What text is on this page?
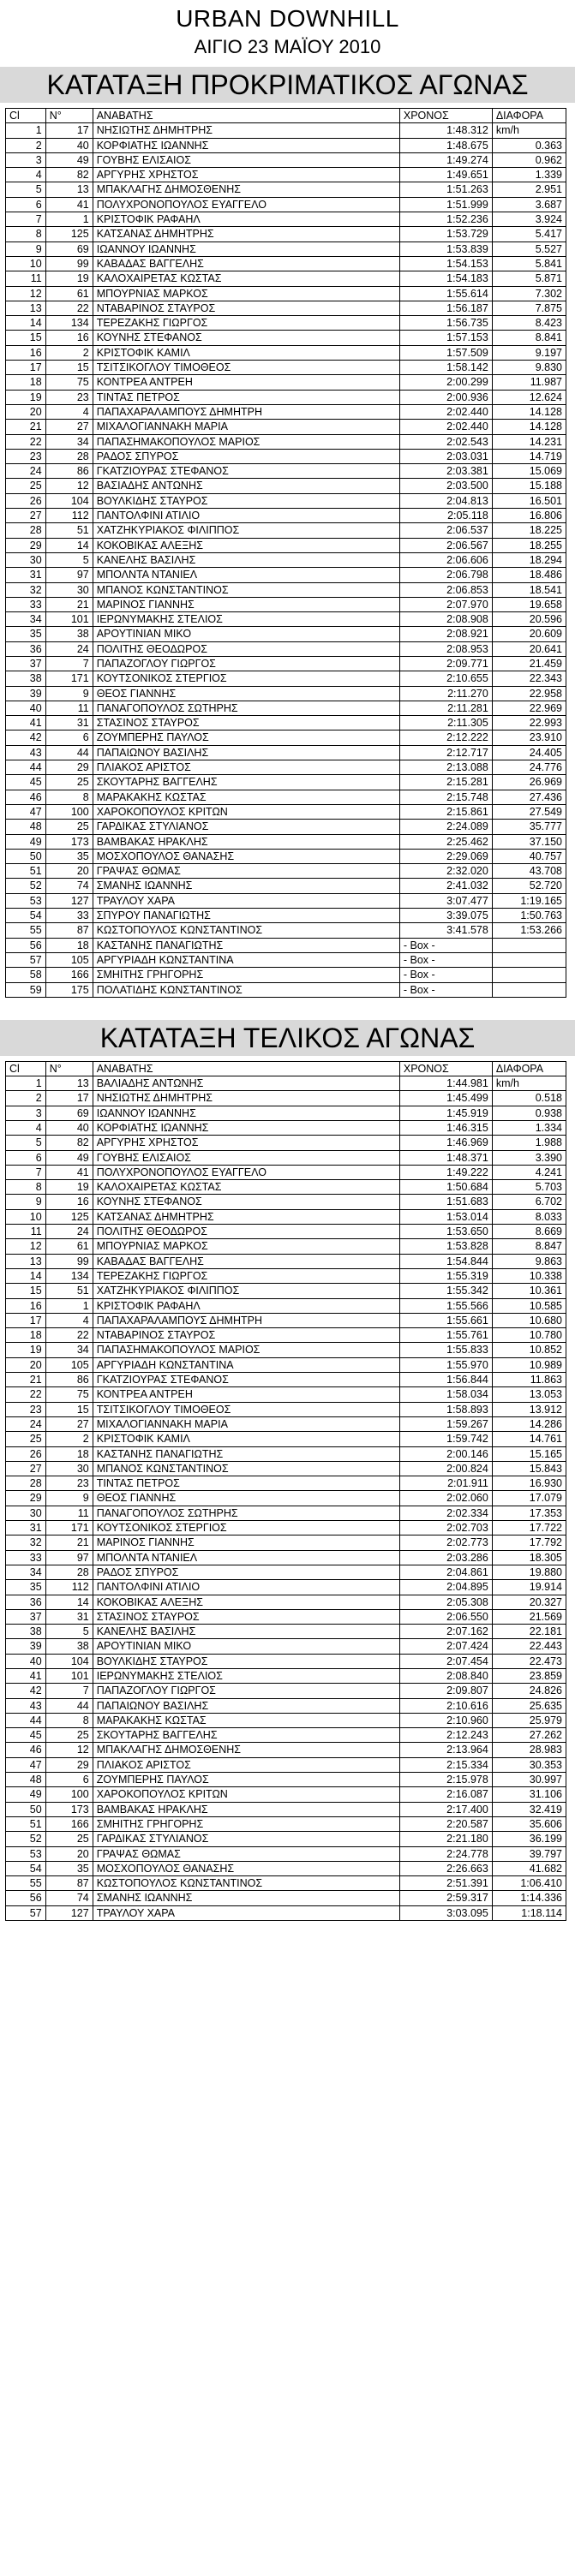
URBAN DOWNHILL
ΑΙΓΙΟ 23 ΜΑΪΟΥ 2010
ΚΑΤΑΤΑΞΗ ΠΡΟΚΡΙΜΑΤΙΚΟΣ ΑΓΩΝΑΣ
Cl	N°	ΑΝΑΒΑΤΗΣ	ΧΡΟΝΟΣ	ΔΙΑΦΟΡΑ
1	17	ΝΗΣΙΩΤΗΣ ΔΗΜΗΤΡΗΣ	1:48.312	km/h
2	40	ΚΟΡΦΙΑΤΗΣ ΙΩΑΝΝΗΣ	1:48.675	0.363
3	49	ΓΟΥΒΗΣ ΕΛΙΣΑΙΟΣ	1:49.274	0.962
4	82	ΑΡΓΥΡΗΣ ΧΡΗΣΤΟΣ	1:49.651	1.339
5	13	ΜΠΑΚΛΑΓΗΣ ΔΗΜΟΣΘΕΝΗΣ	1:51.263	2.951
6	41	ΠΟΛΥΧΡΟΝΟΠΟΥΛΟΣ ΕΥΑΓΓΕΛΟ	1:51.999	3.687
7	1	ΚΡΙΣΤΟΦΙΚ ΡΑΦΑΗΛ	1:52.236	3.924
8	125	ΚΑΤΣΑΝΑΣ ΔΗΜΗΤΡΗΣ	1:53.729	5.417
9	69	ΙΩΑΝΝΟΥ ΙΩΑΝΝΗΣ	1:53.839	5.527
10	99	ΚΑΒΑΔΑΣ ΒΑΓΓΕΛΗΣ	1:54.153	5.841
11	19	ΚΑΛΟΧΑΙΡΕΤΑΣ ΚΩΣΤΑΣ	1:54.183	5.871
12	61	ΜΠΟΥΡΝΙΑΣ ΜΑΡΚΟΣ	1:55.614	7.302
13	22	ΝΤΑΒΑΡΙΝΟΣ ΣΤΑΥΡΟΣ	1:56.187	7.875
14	134	ΤΕΡΕΖΑΚΗΣ ΓΙΩΡΓΟΣ	1:56.735	8.423
15	16	ΚΟΥΝΗΣ ΣΤΕΦΑΝΟΣ	1:57.153	8.841
16	2	ΚΡΙΣΤΟΦΙΚ ΚΑΜΙΛ	1:57.509	9.197
17	15	ΤΣΙΤΣΙΚΟΓΛΟΥ ΤΙΜΟΘΕΟΣ	1:58.142	9.830
18	75	ΚΟΝΤΡΕΑ ΑΝΤΡΕΗ	2:00.299	11.987
19	23	ΤΙΝΤΑΣ ΠΕΤΡΟΣ	2:00.936	12.624
20	4	ΠΑΠΑΧΑΡΑΛΑΜΠΟΥΣ ΔΗΜΗΤΡΗ	2:02.440	14.128
21	27	ΜΙΧΑΛΟΓΙΑΝΝΑΚΗ ΜΑΡΙΑ	2:02.440	14.128
22	34	ΠΑΠΑΣΗΜΑΚΟΠΟΥΛΟΣ ΜΑΡΙΟΣ	2:02.543	14.231
23	28	ΡΑΔΟΣ ΣΠΥΡΟΣ	2:03.031	14.719
24	86	ΓΚΑΤΖΙΟΥΡΑΣ ΣΤΕΦΑΝΟΣ	2:03.381	15.069
25	12	ΒΑΣΙΑΔΗΣ ΑΝΤΩΝΗΣ	2:03.500	15.188
26	104	ΒΟΥΛΚΙΔΗΣ ΣΤΑΥΡΟΣ	2:04.813	16.501
27	112	ΠΑΝΤΟΛΦΙΝΙ ΑΤΙΛΙΟ	2:05.118	16.806
28	51	ΧΑΤΖΗΚΥΡΙΑΚΟΣ ΦΙΛΙΠΠΟΣ	2:06.537	18.225
29	14	ΚΟΚΟΒΙΚΑΣ ΑΛΕΞΗΣ	2:06.567	18.255
30	5	ΚΑΝΕΛΗΣ ΒΑΣΙΛΗΣ	2:06.606	18.294
31	97	ΜΠΟΛΝΤΑ ΝΤΑΝΙΕΛ	2:06.798	18.486
32	30	ΜΠΑΝΟΣ ΚΩΝΣΤΑΝΤΙΝΟΣ	2:06.853	18.541
33	21	ΜΑΡΙΝΟΣ ΓΙΑΝΝΗΣ	2:07.970	19.658
34	101	ΙΕΡΩΝΥΜΑΚΗΣ ΣΤΕΛΙΟΣ	2:08.908	20.596
35	38	ΑΡΟΥΤΙΝΙΑΝ ΜΙΚΟ	2:08.921	20.609
36	24	ΠΟΛΙΤΗΣ ΘΕΟΔΩΡΟΣ	2:08.953	20.641
37	7	ΠΑΠΑΖΟΓΛΟΥ ΓΙΩΡΓΟΣ	2:09.771	21.459
38	171	ΚΟΥΤΣΟΝΙΚΟΣ ΣΤΕΡΓΙΟΣ	2:10.655	22.343
39	9	ΘΕΟΣ ΓΙΑΝΝΗΣ	2:11.270	22.958
40	11	ΠΑΝΑΓΟΠΟΥΛΟΣ ΣΩΤΗΡΗΣ	2:11.281	22.969
41	31	ΣΤΑΣΙΝΟΣ ΣΤΑΥΡΟΣ	2:11.305	22.993
42	6	ΖΟΥΜΠΕΡΗΣ ΠΑΥΛΟΣ	2:12.222	23.910
43	44	ΠΑΠΑΙΩΝΟΥ ΒΑΣΙΛΗΣ	2:12.717	24.405
44	29	ΠΛΙΑΚΟΣ ΑΡΙΣΤΟΣ	2:13.088	24.776
45	25	ΣΚΟΥΤΑΡΗΣ ΒΑΓΓΕΛΗΣ	2:15.281	26.969
46	8	ΜΑΡΑΚΑΚΗΣ ΚΩΣΤΑΣ	2:15.748	27.436
47	100	ΧΑΡΟΚΟΠΟΥΛΟΣ ΚΡΙΤΩΝ	2:15.861	27.549
48	25	ΓΑΡΔΙΚΑΣ ΣΤΥΛΙΑΝΟΣ	2:24.089	35.777
49	173	ΒΑΜΒΑΚΑΣ ΗΡΑΚΛΗΣ	2:25.462	37.150
50	35	ΜΟΣΧΟΠΟΥΛΟΣ ΘΑΝΑΣΗΣ	2:29.069	40.757
51	20	ΓΡΑΨΑΣ ΘΩΜΑΣ	2:32.020	43.708
52	74	ΣΜΑΝΗΣ ΙΩΑΝΝΗΣ	2:41.032	52.720
53	127	ΤΡΑΥΛΟΥ ΧΑΡΑ	3:07.477	1:19.165
54	33	ΣΠΥΡΟΥ ΠΑΝΑΓΙΩΤΗΣ	3:39.075	1:50.763
55	87	ΚΩΣΤΟΠΟΥΛΟΣ ΚΩΝΣΤΑΝΤΙΝΟΣ	3:41.578	1:53.266
56	18	ΚΑΣΤΑΝΗΣ ΠΑΝΑΓΙΩΤΗΣ	- Box -	
57	105	ΑΡΓΥΡΙΑΔΗ ΚΩΝΣΤΑΝΤΙΝΑ	- Box -	
58	166	ΣΜΗΙΤΗΣ ΓΡΗΓΟΡΗΣ	- Box -	
59	175	ΠΟΛΑΤΙΔΗΣ ΚΩΝΣΤΑΝΤΙΝΟΣ	- Box -	
ΚΑΤΑΤΑΞΗ ΤΕΛΙΚΟΣ ΑΓΩΝΑΣ
Cl	N°	ΑΝΑΒΑΤΗΣ	ΧΡΟΝΟΣ	ΔΙΑΦΟΡΑ
1	13	ΒΑΛΙΑΔΗΣ ΑΝΤΩΝΗΣ	1:44.981	km/h
2	17	ΝΗΣΙΩΤΗΣ ΔΗΜΗΤΡΗΣ	1:45.499	0.518
3	69	ΙΩΑΝΝΟΥ ΙΩΑΝΝΗΣ	1:45.919	0.938
4	40	ΚΟΡΦΙΑΤΗΣ ΙΩΑΝΝΗΣ	1:46.315	1.334
5	82	ΑΡΓΥΡΗΣ ΧΡΗΣΤΟΣ	1:46.969	1.988
6	49	ΓΟΥΒΗΣ ΕΛΙΣΑΙΟΣ	1:48.371	3.390
7	41	ΠΟΛΥΧΡΟΝΟΠΟΥΛΟΣ ΕΥΑΓΓΕΛΟ	1:49.222	4.241
8	19	ΚΑΛΟΧΑΙΡΕΤΑΣ ΚΩΣΤΑΣ	1:50.684	5.703
9	16	ΚΟΥΝΗΣ ΣΤΕΦΑΝΟΣ	1:51.683	6.702
10	125	ΚΑΤΣΑΝΑΣ ΔΗΜΗΤΡΗΣ	1:53.014	8.033
11	24	ΠΟΛΙΤΗΣ ΘΕΟΔΩΡΟΣ	1:53.650	8.669
12	61	ΜΠΟΥΡΝΙΑΣ ΜΑΡΚΟΣ	1:53.828	8.847
13	99	ΚΑΒΑΔΑΣ ΒΑΓΓΕΛΗΣ	1:54.844	9.863
14	134	ΤΕΡΕΖΑΚΗΣ ΓΙΩΡΓΟΣ	1:55.319	10.338
15	51	ΧΑΤΖΗΚΥΡΙΑΚΟΣ ΦΙΛΙΠΠΟΣ	1:55.342	10.361
16	1	ΚΡΙΣΤΟΦΙΚ ΡΑΦΑΗΛ	1:55.566	10.585
17	4	ΠΑΠΑΧΑΡΑΛΑΜΠΟΥΣ ΔΗΜΗΤΡΗ	1:55.661	10.680
18	22	ΝΤΑΒΑΡΙΝΟΣ ΣΤΑΥΡΟΣ	1:55.761	10.780
19	34	ΠΑΠΑΣΗΜΑΚΟΠΟΥΛΟΣ ΜΑΡΙΟΣ	1:55.833	10.852
20	105	ΑΡΓΥΡΙΑΔΗ ΚΩΝΣΤΑΝΤΙΝΑ	1:55.970	10.989
21	86	ΓΚΑΤΖΙΟΥΡΑΣ ΣΤΕΦΑΝΟΣ	1:56.844	11.863
22	75	ΚΟΝΤΡΕΑ ΑΝΤΡΕΗ	1:58.034	13.053
23	15	ΤΣΙΤΣΙΚΟΓΛΟΥ ΤΙΜΟΘΕΟΣ	1:58.893	13.912
24	27	ΜΙΧΑΛΟΓΙΑΝΝΑΚΗ ΜΑΡΙΑ	1:59.267	14.286
25	2	ΚΡΙΣΤΟΦΙΚ ΚΑΜΙΛ	1:59.742	14.761
26	18	ΚΑΣΤΑΝΗΣ ΠΑΝΑΓΙΩΤΗΣ	2:00.146	15.165
27	30	ΜΠΑΝΟΣ ΚΩΝΣΤΑΝΤΙΝΟΣ	2:00.824	15.843
28	23	ΤΙΝΤΑΣ ΠΕΤΡΟΣ	2:01.911	16.930
29	9	ΘΕΟΣ ΓΙΑΝΝΗΣ	2:02.060	17.079
30	11	ΠΑΝΑΓΟΠΟΥΛΟΣ ΣΩΤΗΡΗΣ	2:02.334	17.353
31	171	ΚΟΥΤΣΟΝΙΚΟΣ ΣΤΕΡΓΙΟΣ	2:02.703	17.722
32	21	ΜΑΡΙΝΟΣ ΓΙΑΝΝΗΣ	2:02.773	17.792
33	97	ΜΠΟΛΝΤΑ ΝΤΑΝΙΕΛ	2:03.286	18.305
34	28	ΡΑΔΟΣ ΣΠΥΡΟΣ	2:04.861	19.880
35	112	ΠΑΝΤΟΛΦΙΝΙ ΑΤΙΛΙΟ	2:04.895	19.914
36	14	ΚΟΚΟΒΙΚΑΣ ΑΛΕΞΗΣ	2:05.308	20.327
37	31	ΣΤΑΣΙΝΟΣ ΣΤΑΥΡΟΣ	2:06.550	21.569
38	5	ΚΑΝΕΛΗΣ ΒΑΣΙΛΗΣ	2:07.162	22.181
39	38	ΑΡΟΥΤΙΝΙΑΝ ΜΙΚΟ	2:07.424	22.443
40	104	ΒΟΥΛΚΙΔΗΣ ΣΤΑΥΡΟΣ	2:07.454	22.473
41	101	ΙΕΡΩΝΥΜΑΚΗΣ ΣΤΕΛΙΟΣ	2:08.840	23.859
42	7	ΠΑΠΑΖΟΓΛΟΥ ΓΙΩΡΓΟΣ	2:09.807	24.826
43	44	ΠΑΠΑΙΩΝΟΥ ΒΑΣΙΛΗΣ	2:10.616	25.635
44	8	ΜΑΡΑΚΑΚΗΣ ΚΩΣΤΑΣ	2:10.960	25.979
45	25	ΣΚΟΥΤΑΡΗΣ ΒΑΓΓΕΛΗΣ	2:12.243	27.262
46	12	ΜΠΑΚΛΑΓΗΣ ΔΗΜΟΣΘΕΝΗΣ	2:13.964	28.983
47	29	ΠΛΙΑΚΟΣ ΑΡΙΣΤΟΣ	2:15.334	30.353
48	6	ΖΟΥΜΠΕΡΗΣ ΠΑΥΛΟΣ	2:15.978	30.997
49	100	ΧΑΡΟΚΟΠΟΥΛΟΣ ΚΡΙΤΩΝ	2:16.087	31.106
50	173	ΒΑΜΒΑΚΑΣ ΗΡΑΚΛΗΣ	2:17.400	32.419
51	166	ΣΜΗΙΤΗΣ ΓΡΗΓΟΡΗΣ	2:20.587	35.606
52	25	ΓΑΡΔΙΚΑΣ ΣΤΥΛΙΑΝΟΣ	2:21.180	36.199
53	20	ΓΡΑΨΑΣ ΘΩΜΑΣ	2:24.778	39.797
54	35	ΜΟΣΧΟΠΟΥΛΟΣ ΘΑΝΑΣΗΣ	2:26.663	41.682
55	87	ΚΩΣΤΟΠΟΥΛΟΣ ΚΩΝΣΤΑΝΤΙΝΟΣ	2:51.391	1:06.410
56	74	ΣΜΑΝΗΣ ΙΩΑΝΝΗΣ	2:59.317	1:14.336
57	127	ΤΡΑΥΛΟΥ ΧΑΡΑ	3:03.095	1:18.114
